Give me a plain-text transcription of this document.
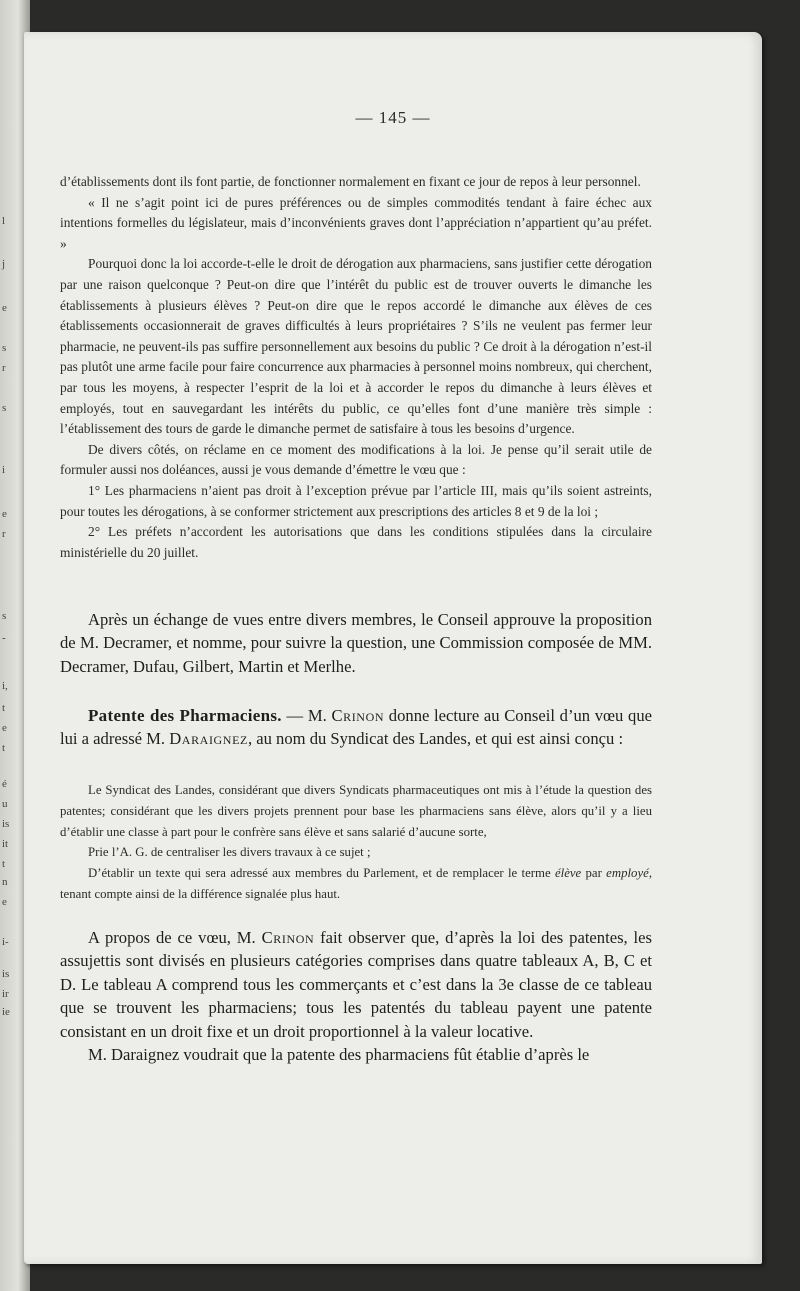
l
j
e
s
r
s
i
e
r
s
-
i,
t
e
t
é
u
is
it
t
n
e
i-
is
ir
ie
— 145 —

d’établissements dont ils font partie, de fonctionner normalement en fixant ce jour de repos à leur personnel.

« Il ne s’agit point ici de pures préférences ou de simples commodités tendant à faire échec aux intentions formelles du législateur, mais d’inconvénients graves dont l’appréciation n’appartient qu’au préfet. »

Pourquoi donc la loi accorde-t-elle le droit de dérogation aux pharmaciens, sans justifier cette dérogation par une raison quelconque ? Peut-on dire que l’intérêt du public est de trouver ouverts le dimanche les établissements à plusieurs élèves ? Peut-on dire que le repos accordé le dimanche aux élèves de ces établissements occasionnerait de graves difficultés à leurs propriétaires ? S’ils ne veulent pas fermer leur pharmacie, ne peuvent-ils pas suffire personnellement aux besoins du public ? Ce droit à la dérogation n’est-il pas plutôt une arme facile pour faire concurrence aux pharmacies à personnel moins nombreux, qui cherchent, par tous les moyens, à respecter l’esprit de la loi et à accorder le repos du dimanche à leurs élèves et employés, tout en sauvegardant les intérêts du public, ce qu’elles font d’une manière très simple : l’établissement des tours de garde le dimanche permet de satisfaire à tous les besoins d’urgence.

De divers côtés, on réclame en ce moment des modifications à la loi. Je pense qu’il serait utile de formuler aussi nos doléances, aussi je vous demande d’émettre le vœu que :

1° Les pharmaciens n’aient pas droit à l’exception prévue par l’article III, mais qu’ils soient astreints, pour toutes les dérogations, à se conformer strictement aux prescriptions des articles 8 et 9 de la loi ;

2° Les préfets n’accordent les autorisations que dans les conditions stipulées dans la circulaire ministérielle du 20 juillet.

Après un échange de vues entre divers membres, le Conseil approuve la proposition de M. Decramer, et nomme, pour suivre la question, une Commission composée de MM. Decramer, Dufau, Gilbert, Martin et Merlhe.

Patente des Pharmaciens. — M. Crinon donne lecture au Conseil d’un vœu que lui a adressé M. Daraignez, au nom du Syndicat des Landes, et qui est ainsi conçu :

Le Syndicat des Landes, considérant que divers Syndicats pharmaceutiques ont mis à l’étude la question des patentes; considérant que les divers projets prennent pour base les pharmaciens sans élève, alors qu’il y a lieu d’établir une classe à part pour le confrère sans élève et sans salarié d’aucune sorte,

Prie l’A. G. de centraliser les divers travaux à ce sujet ;

D’établir un texte qui sera adressé aux membres du Parlement, et de remplacer le terme élève par employé, tenant compte ainsi de la différence signalée plus haut.

A propos de ce vœu, M. Crinon fait observer que, d’après la loi des patentes, les assujettis sont divisés en plusieurs catégories comprises dans quatre tableaux A, B, C et D. Le tableau A comprend tous les commerçants et c’est dans la 3e classe de ce tableau que se trouvent les pharmaciens; tous les patentés du tableau payent une patente consistant en un droit fixe et un droit proportionnel à la valeur locative.

M. Daraignez voudrait que la patente des pharmaciens fût établie d’après le
